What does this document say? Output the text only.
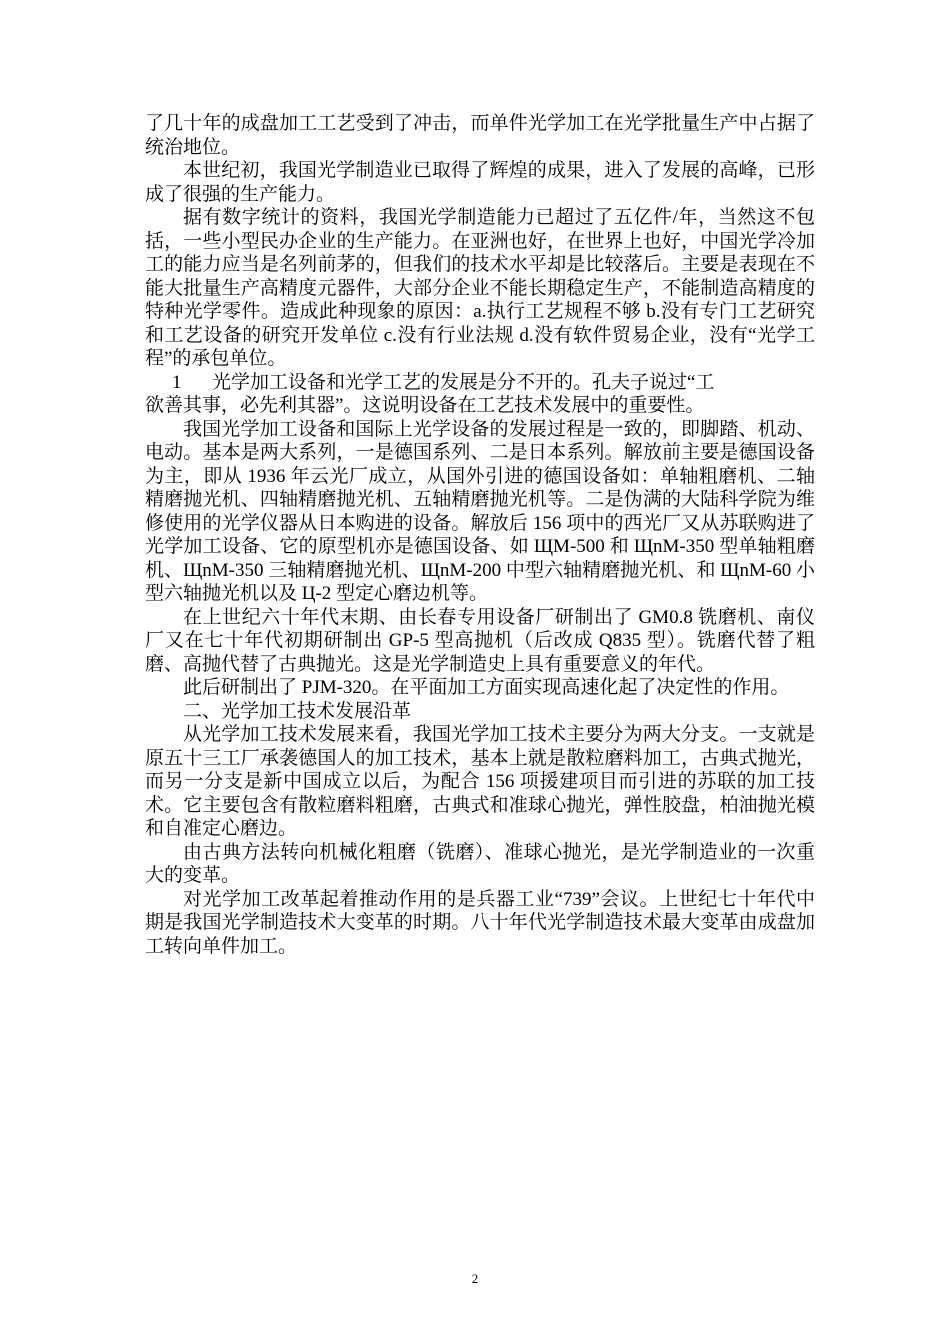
了几十年的成盘加工工艺受到了冲击，而单件光学加工在光学批量生产中占据了统治地位。

本世纪初，我国光学制造业已取得了辉煌的成果，进入了发展的高峰，已形成了很强的生产能力。

据有数字统计的资料，我国光学制造能力已超过了五亿件/年，当然这不包括，一些小型民办企业的生产能力。在亚洲也好，在世界上也好，中国光学冷加工的能力应当是名列前茅的，但我们的技术水平却是比较落后。主要是表现在不能大批量生产高精度元器件，大部分企业不能长期稳定生产，不能制造高精度的特种光学零件。造成此种现象的原因：a.执行工艺规程不够 b.没有专门工艺研究和工艺设备的研究开发单位 c.没有行业法规 d.没有软件贸易企业，没有“光学工程”的承包单位。

1	光学加工设备和光学工艺的发展是分不开的。孔夫子说过“工

欲善其事，必先利其器”。这说明设备在工艺技术发展中的重要性。

我国光学加工设备和国际上光学设备的发展过程是一致的，即脚踏、机动、电动。基本是两大系列，一是德国系列、二是日本系列。解放前主要是德国设备为主，即从 1936 年云光厂成立，从国外引进的德国设备如：单轴粗磨机、二轴精磨抛光机、四轴精磨抛光机、五轴精磨抛光机等。二是伪满的大陆科学院为维修使用的光学仪器从日本购进的设备。解放后 156 项中的西光厂又从苏联购进了光学加工设备、它的原型机亦是德国设备、如 ЩМ-500 和 ЩnМ-350 型单轴粗磨机、ЩnМ-350 三轴精磨抛光机、ЩnМ-200 中型六轴精磨抛光机、和 ЩnМ-60 小型六轴抛光机以及 Ц-2 型定心磨边机等。

在上世纪六十年代末期、由长春专用设备厂研制出了 GM0.8 铣磨机、南仪厂又在七十年代初期研制出 GP-5 型高抛机（后改成 Q835 型）。铣磨代替了粗磨、高抛代替了古典抛光。这是光学制造史上具有重要意义的年代。

此后研制出了 PJM-320。在平面加工方面实现高速化起了决定性的作用。

二、光学加工技术发展沿革

从光学加工技术发展来看，我国光学加工技术主要分为两大分支。一支就是原五十三工厂承袭德国人的加工技术，基本上就是散粒磨料加工，古典式抛光，而另一分支是新中国成立以后，为配合 156 项援建项目而引进的苏联的加工技术。它主要包含有散粒磨料粗磨，古典式和准球心抛光，弹性胶盘，柏油抛光模和自准定心磨边。

由古典方法转向机械化粗磨（铣磨）、准球心抛光，是光学制造业的一次重大的变革。

对光学加工改革起着推动作用的是兵器工业“739”会议。上世纪七十年代中期是我国光学制造技术大变革的时期。八十年代光学制造技术最大变革由成盘加工转向单件加工。

2
